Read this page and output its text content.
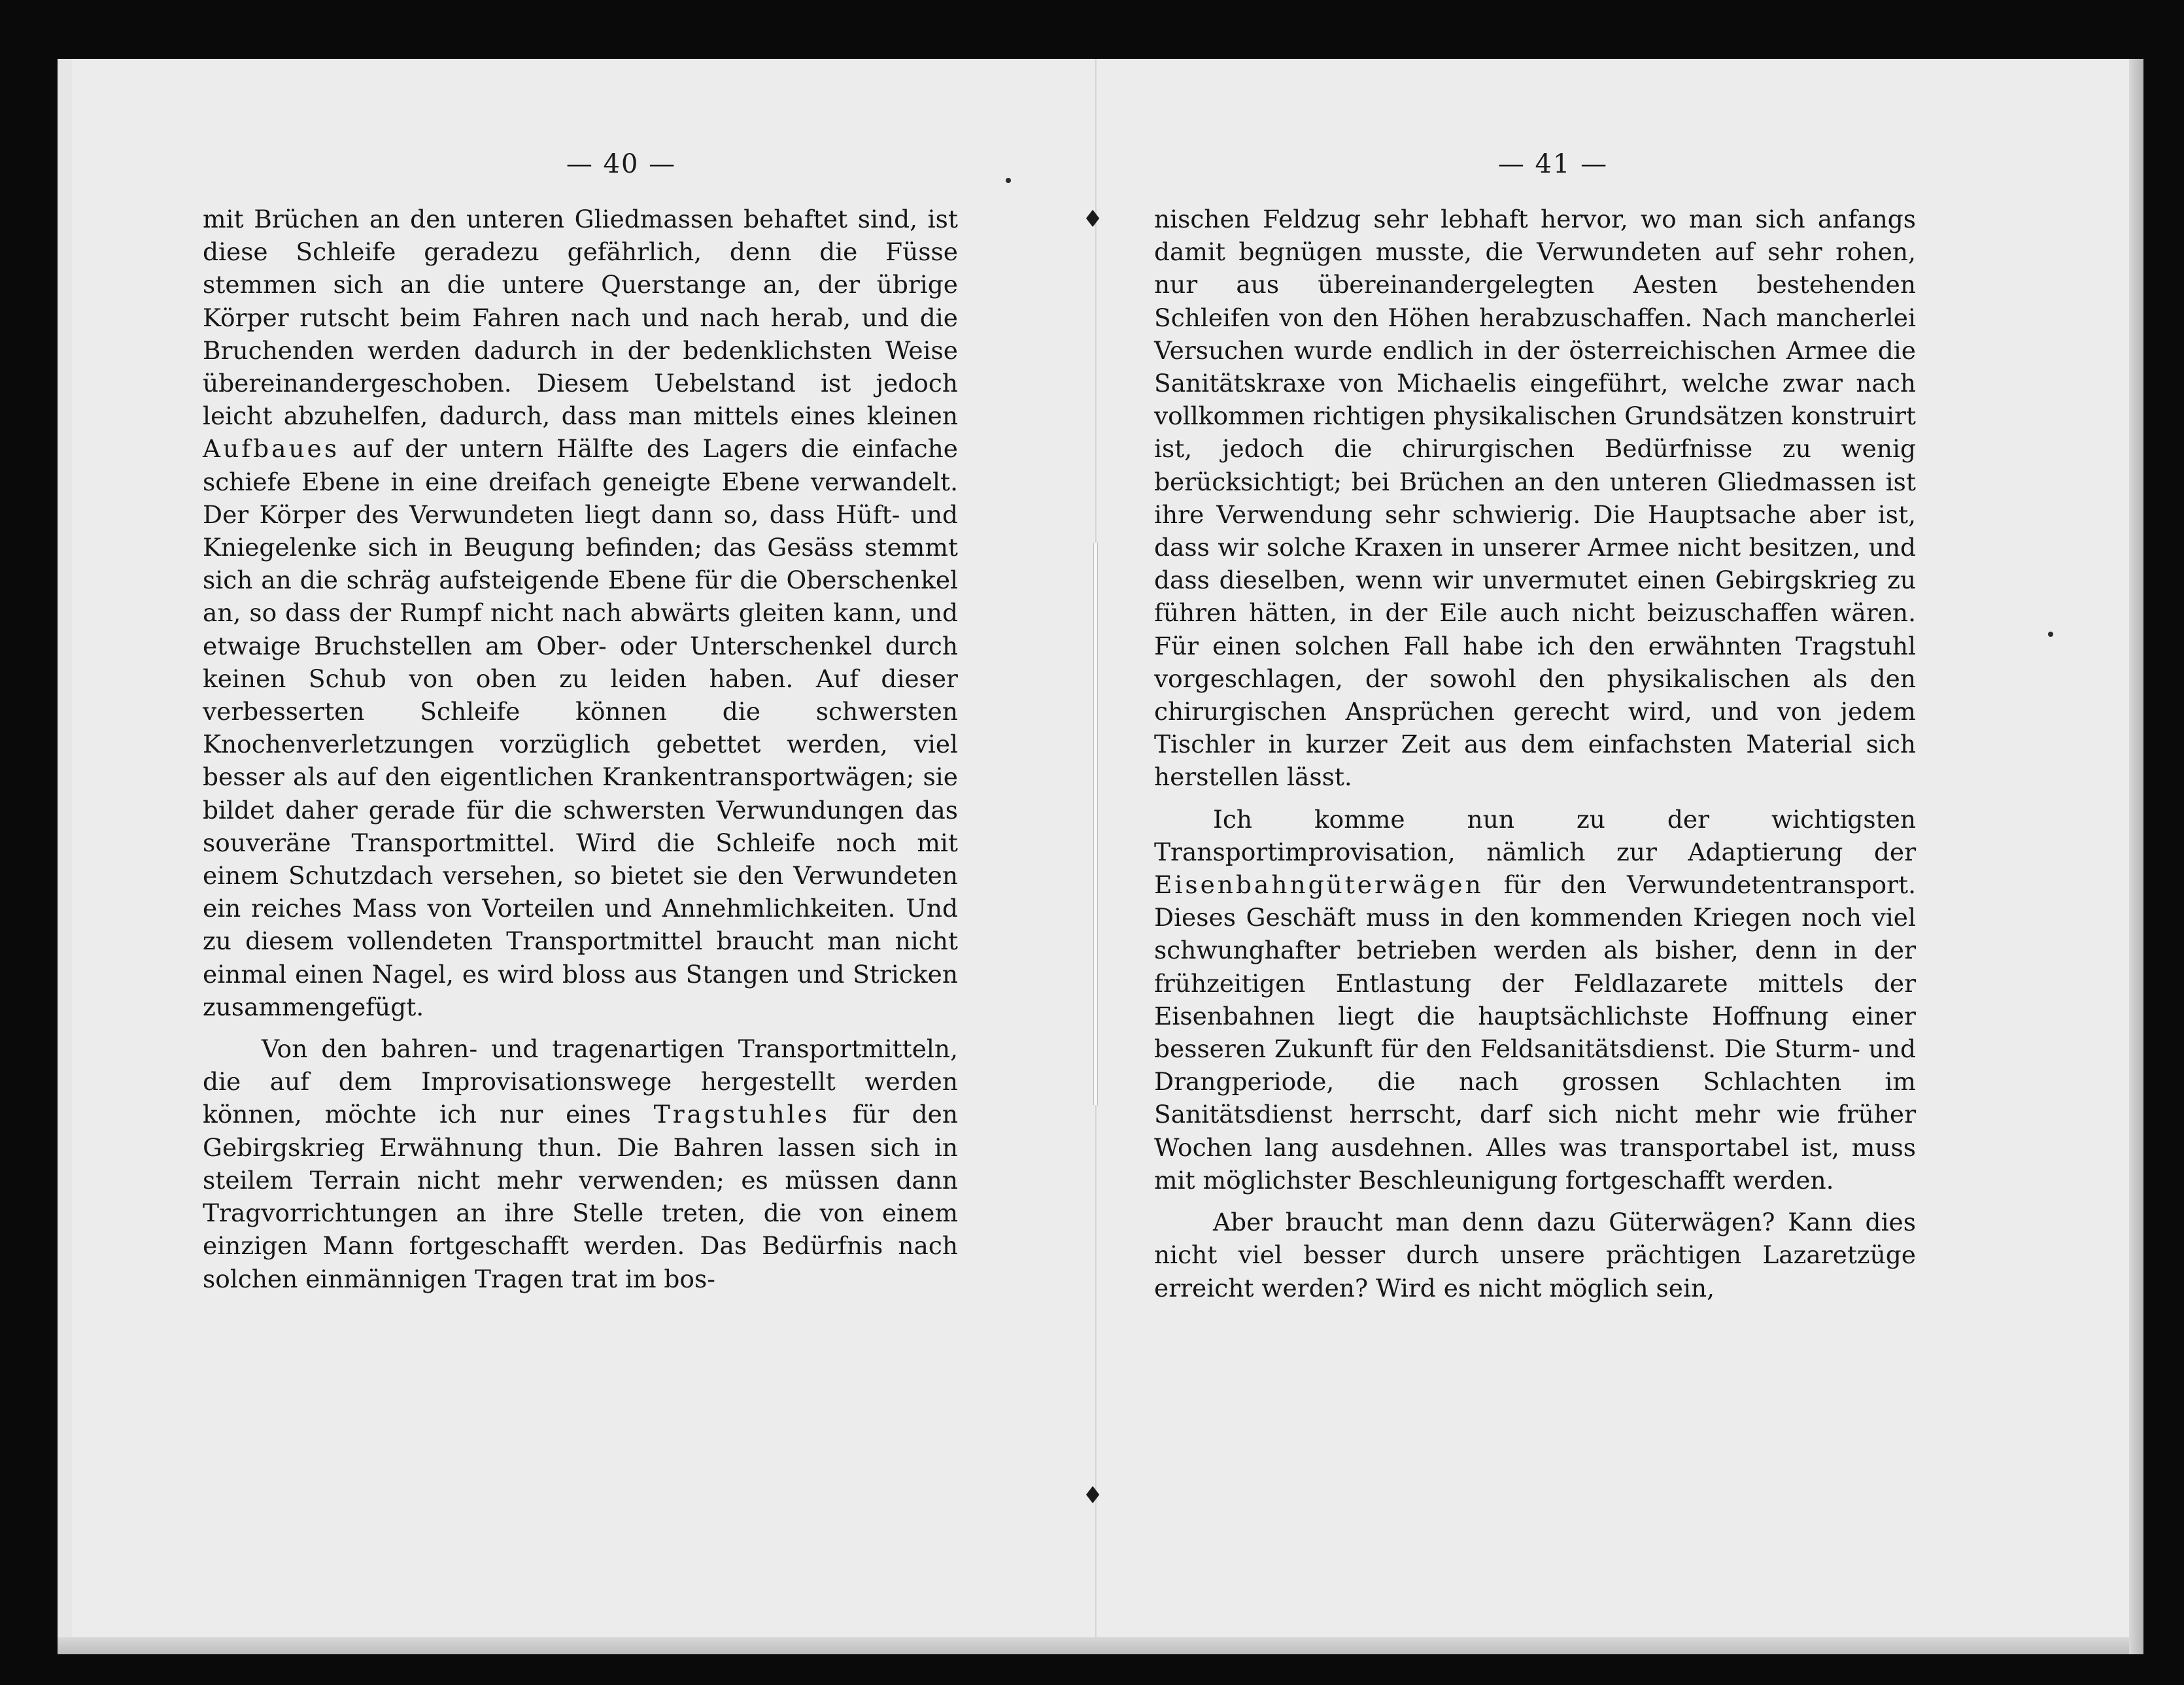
— 40 —	— 41 —

mit Brüchen an den unteren Gliedmassen behaftet sind, ist diese Schleife geradezu gefährlich, denn die Füsse stemmen sich an die untere Querstange an, der übrige Körper rutscht beim Fahren nach und nach herab, und die Bruchenden werden dadurch in der bedenklichsten Weise übereinandergeschoben. Diesem Uebelstand ist jedoch leicht abzuhelfen, dadurch, dass man mittels eines kleinen Aufbaues auf der untern Hälfte des Lagers die einfache schiefe Ebene in eine dreifach geneigte Ebene verwandelt. Der Körper des Verwundeten liegt dann so, dass Hüft- und Kniegelenke sich in Beugung befinden; das Gesäss stemmt sich an die schräg aufsteigende Ebene für die Oberschenkel an, so dass der Rumpf nicht nach abwärts gleiten kann, und etwaige Bruchstellen am Ober- oder Unterschenkel durch keinen Schub von oben zu leiden haben. Auf dieser verbesserten Schleife können die schwersten Knochenverletzungen vorzüglich gebettet werden, viel besser als auf den eigentlichen Krankentransportwägen; sie bildet daher gerade für die schwersten Verwundungen das souveräne Transportmittel. Wird die Schleife noch mit einem Schutzdach versehen, so bietet sie den Verwundeten ein reiches Mass von Vorteilen und Annehmlichkeiten. Und zu diesem vollendeten Transportmittel braucht man nicht einmal einen Nagel, es wird bloss aus Stangen und Stricken zusammengefügt.

Von den bahren- und tragenartigen Transportmitteln, die auf dem Improvisationswege hergestellt werden können, möchte ich nur eines Tragstuhles für den Gebirgskrieg Erwähnung thun. Die Bahren lassen sich in steilem Terrain nicht mehr verwenden; es müssen dann Tragvorrichtungen an ihre Stelle treten, die von einem einzigen Mann fortgeschafft werden. Das Bedürfnis nach solchen einmännigen Tragen trat im bos-

nischen Feldzug sehr lebhaft hervor, wo man sich anfangs damit begnügen musste, die Verwundeten auf sehr rohen, nur aus übereinandergelegten Aesten bestehenden Schleifen von den Höhen herabzuschaffen. Nach mancherlei Versuchen wurde endlich in der österreichischen Armee die Sanitätskraxe von Michaelis eingeführt, welche zwar nach vollkommen richtigen physikalischen Grundsätzen konstruirt ist, jedoch die chirurgischen Bedürfnisse zu wenig berücksichtigt; bei Brüchen an den unteren Gliedmassen ist ihre Verwendung sehr schwierig. Die Hauptsache aber ist, dass wir solche Kraxen in unserer Armee nicht besitzen, und dass dieselben, wenn wir unvermutet einen Gebirgskrieg zu führen hätten, in der Eile auch nicht beizuschaffen wären. Für einen solchen Fall habe ich den erwähnten Tragstuhl vorgeschlagen, der sowohl den physikalischen als den chirurgischen Ansprüchen gerecht wird, und von jedem Tischler in kurzer Zeit aus dem einfachsten Material sich herstellen lässt.

Ich komme nun zu der wichtigsten Transportimprovisation, nämlich zur Adaptierung der Eisenbahngüterwägen für den Verwundetentransport. Dieses Geschäft muss in den kommenden Kriegen noch viel schwunghafter betrieben werden als bisher, denn in der frühzeitigen Entlastung der Feldlazarete mittels der Eisenbahnen liegt die hauptsächlichste Hoffnung einer besseren Zukunft für den Feldsanitätsdienst. Die Sturm- und Drangperiode, die nach grossen Schlachten im Sanitätsdienst herrscht, darf sich nicht mehr wie früher Wochen lang ausdehnen. Alles was transportabel ist, muss mit möglichster Beschleunigung fortgeschafft werden.

Aber braucht man denn dazu Güterwägen? Kann dies nicht viel besser durch unsere prächtigen Lazaretzüge erreicht werden? Wird es nicht möglich sein,

♦
♦
